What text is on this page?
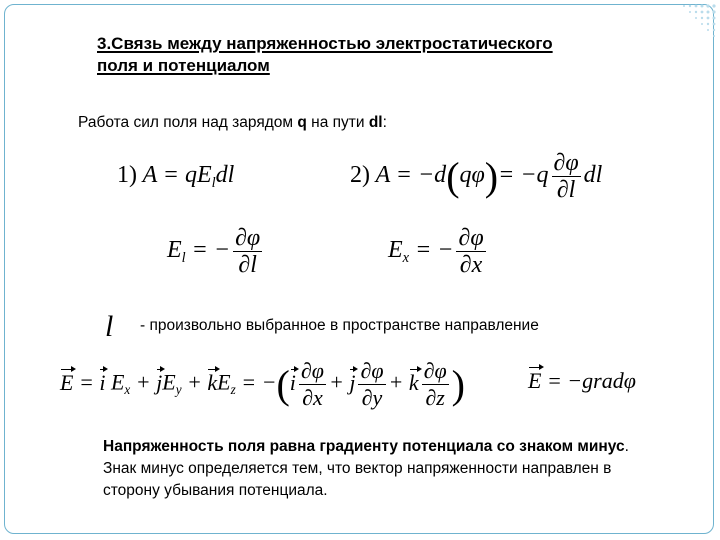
3.Связь между напряженностью электростатического
поля и потенциалом
Работа сил поля над зарядом q на пути dl:
1) $A = qE_ldl$	2) $A = -d(q\varphi)= -q \frac{\partial\varphi}{\partial l}$ dl
$E_l$ = − $\frac{\partial\varphi}{\partial l}$	$E_x$ = − $\frac{\partial\varphi}{\partial x}$
l - произвольно выбранное в пространстве направление
E = i $E_x + jE_y + kE_z = -(i \frac{\partial\varphi}{\partial x} + j \frac{\partial\varphi}{\partial y} + k \frac{\partial\varphi}{\partial z}$ )	E = −gradφ
Напряженность поля равна градиенту потенциала со знаком минус. Знак минус определяется тем, что вектор напряженности направлен в сторону убывания потенциала.
